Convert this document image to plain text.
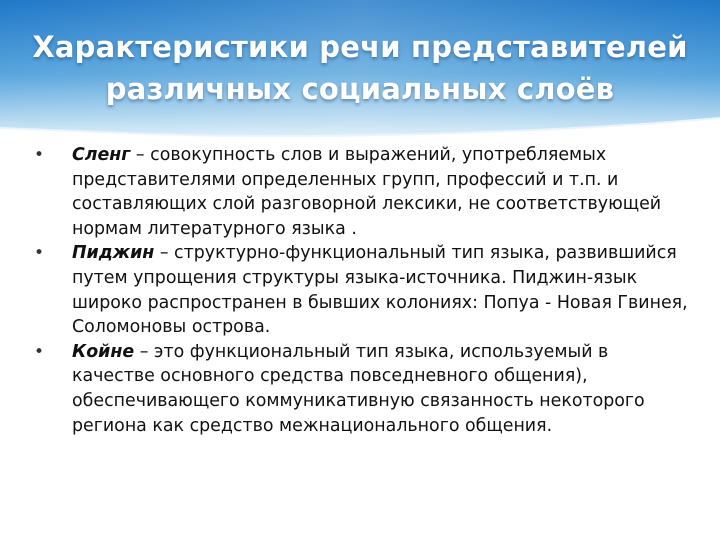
Характеристики речи представителей
различных социальных слоёв

• Сленг – совокупность слов и выражений, употребляемых представителями определенных групп, профессий и т.п. и составляющих слой разговорной лексики, не соответствующей нормам литературного языка .

• Пиджин – структурно-функциональный тип языка, развившийся путем упрощения структуры языка-источника. Пиджин-язык широко распространен в бывших колониях: Попуа - Новая Гвинея, Соломоновы острова.

• Койне – это функциональный тип языка, используемый в качестве основного средства повседневного общения), обеспечивающего коммуникативную связанность некоторого региона как средство межнационального общения.
